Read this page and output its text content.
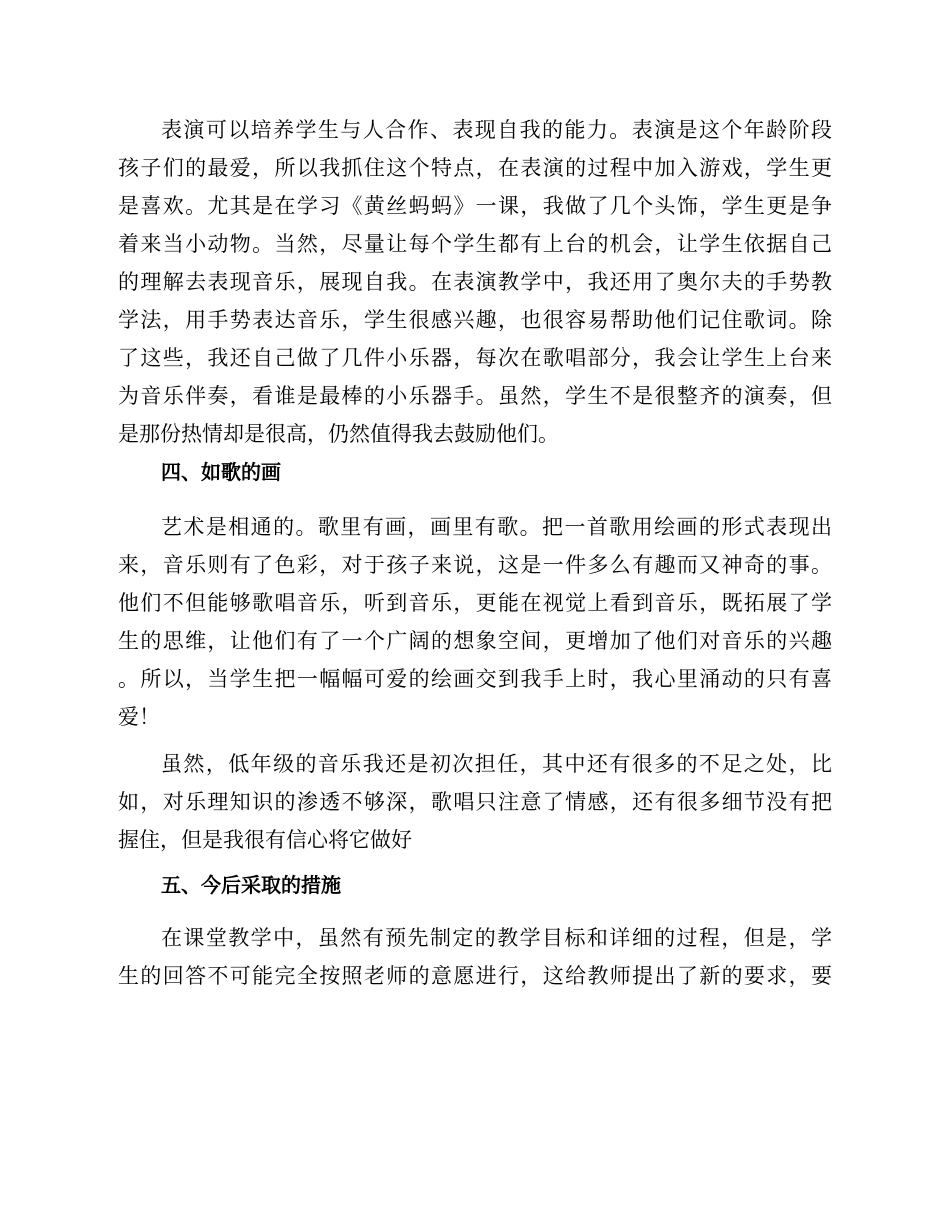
表演可以培养学生与人合作、表现自我的能力。表演是这个年龄阶段
孩子们的最爱，所以我抓住这个特点，在表演的过程中加入游戏，学生更
是喜欢。尤其是在学习《黄丝蚂蚂》一课，我做了几个头饰，学生更是争
着来当小动物。当然，尽量让每个学生都有上台的机会，让学生依据自己
的理解去表现音乐，展现自我。在表演教学中，我还用了奥尔夫的手势教
学法，用手势表达音乐，学生很感兴趣，也很容易帮助他们记住歌词。除
了这些，我还自己做了几件小乐器，每次在歌唱部分，我会让学生上台来
为音乐伴奏，看谁是最棒的小乐器手。虽然，学生不是很整齐的演奏，但
是那份热情却是很高，仍然值得我去鼓励他们。
四、如歌的画
艺术是相通的。歌里有画，画里有歌。把一首歌用绘画的形式表现出
来，音乐则有了色彩，对于孩子来说，这是一件多么有趣而又神奇的事。
他们不但能够歌唱音乐，听到音乐，更能在视觉上看到音乐，既拓展了学
生的思维，让他们有了一个广阔的想象空间，更增加了他们对音乐的兴趣
。所以，当学生把一幅幅可爱的绘画交到我手上时，我心里涌动的只有喜
爱！
虽然，低年级的音乐我还是初次担任，其中还有很多的不足之处，比
如，对乐理知识的渗透不够深，歌唱只注意了情感，还有很多细节没有把
握住，但是我很有信心将它做好
五、今后采取的措施
在课堂教学中，虽然有预先制定的教学目标和详细的过程，但是，学
生的回答不可能完全按照老师的意愿进行，这给教师提出了新的要求，要
